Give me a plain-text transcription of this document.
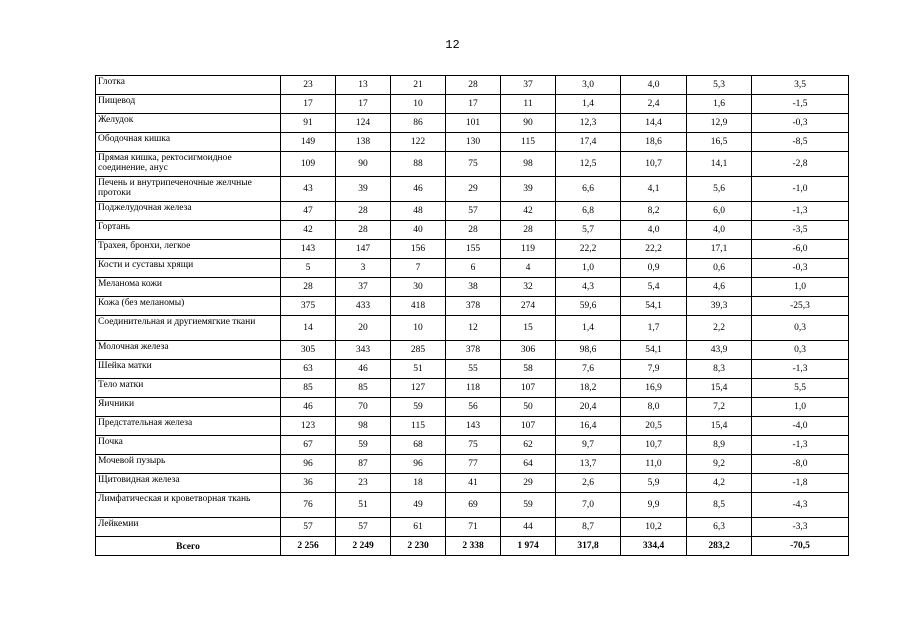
12
Глотка	23	13	21	28	37	3,0	4,0	5,3	3,5
Пищевод	17	17	10	17	11	1,4	2,4	1,6	-1,5
Желудок	91	124	86	101	90	12,3	14,4	12,9	-0,3
Ободочная кишка	149	138	122	130	115	17,4	18,6	16,5	-8,5
Прямая кишка, ректосигмоидное соединение, анус	109	90	88	75	98	12,5	10,7	14,1	-2,8
Печень и внутрипеченочные желчные протоки	43	39	46	29	39	6,6	4,1	5,6	-1,0
Поджелудочная железа	47	28	48	57	42	6,8	8,2	6,0	-1,3
Гортань	42	28	40	28	28	5,7	4,0	4,0	-3,5
Трахея, бронхи, легкое	143	147	156	155	119	22,2	22,2	17,1	-6,0
Кости и суставы хрящи	5	3	7	6	4	1,0	0,9	0,6	-0,3
Меланома кожи	28	37	30	38	32	4,3	5,4	4,6	1,0
Кожа (без меланомы)	375	433	418	378	274	59,6	54,1	39,3	-25,3
Соединительная и другиемягкие ткани	14	20	10	12	15	1,4	1,7	2,2	0,3
Молочная железа	305	343	285	378	306	98,6	54,1	43,9	0,3
Шейка матки	63	46	51	55	58	7,6	7,9	8,3	-1,3
Тело матки	85	85	127	118	107	18,2	16,9	15,4	5,5
Яичники	46	70	59	56	50	20,4	8,0	7,2	1,0
Предстательная железа	123	98	115	143	107	16,4	20,5	15,4	-4,0
Почка	67	59	68	75	62	9,7	10,7	8,9	-1,3
Мочевой пузырь	96	87	96	77	64	13,7	11,0	9,2	-8,0
Щитовидная железа	36	23	18	41	29	2,6	5,9	4,2	-1,8
Лимфатическая и кроветворная ткань	76	51	49	69	59	7,0	9,9	8,5	-4,3
Лейкемии	57	57	61	71	44	8,7	10,2	6,3	-3,3
Всего	2 256	2 249	2 230	2 338	1 974	317,8	334,4	283,2	-70,5
